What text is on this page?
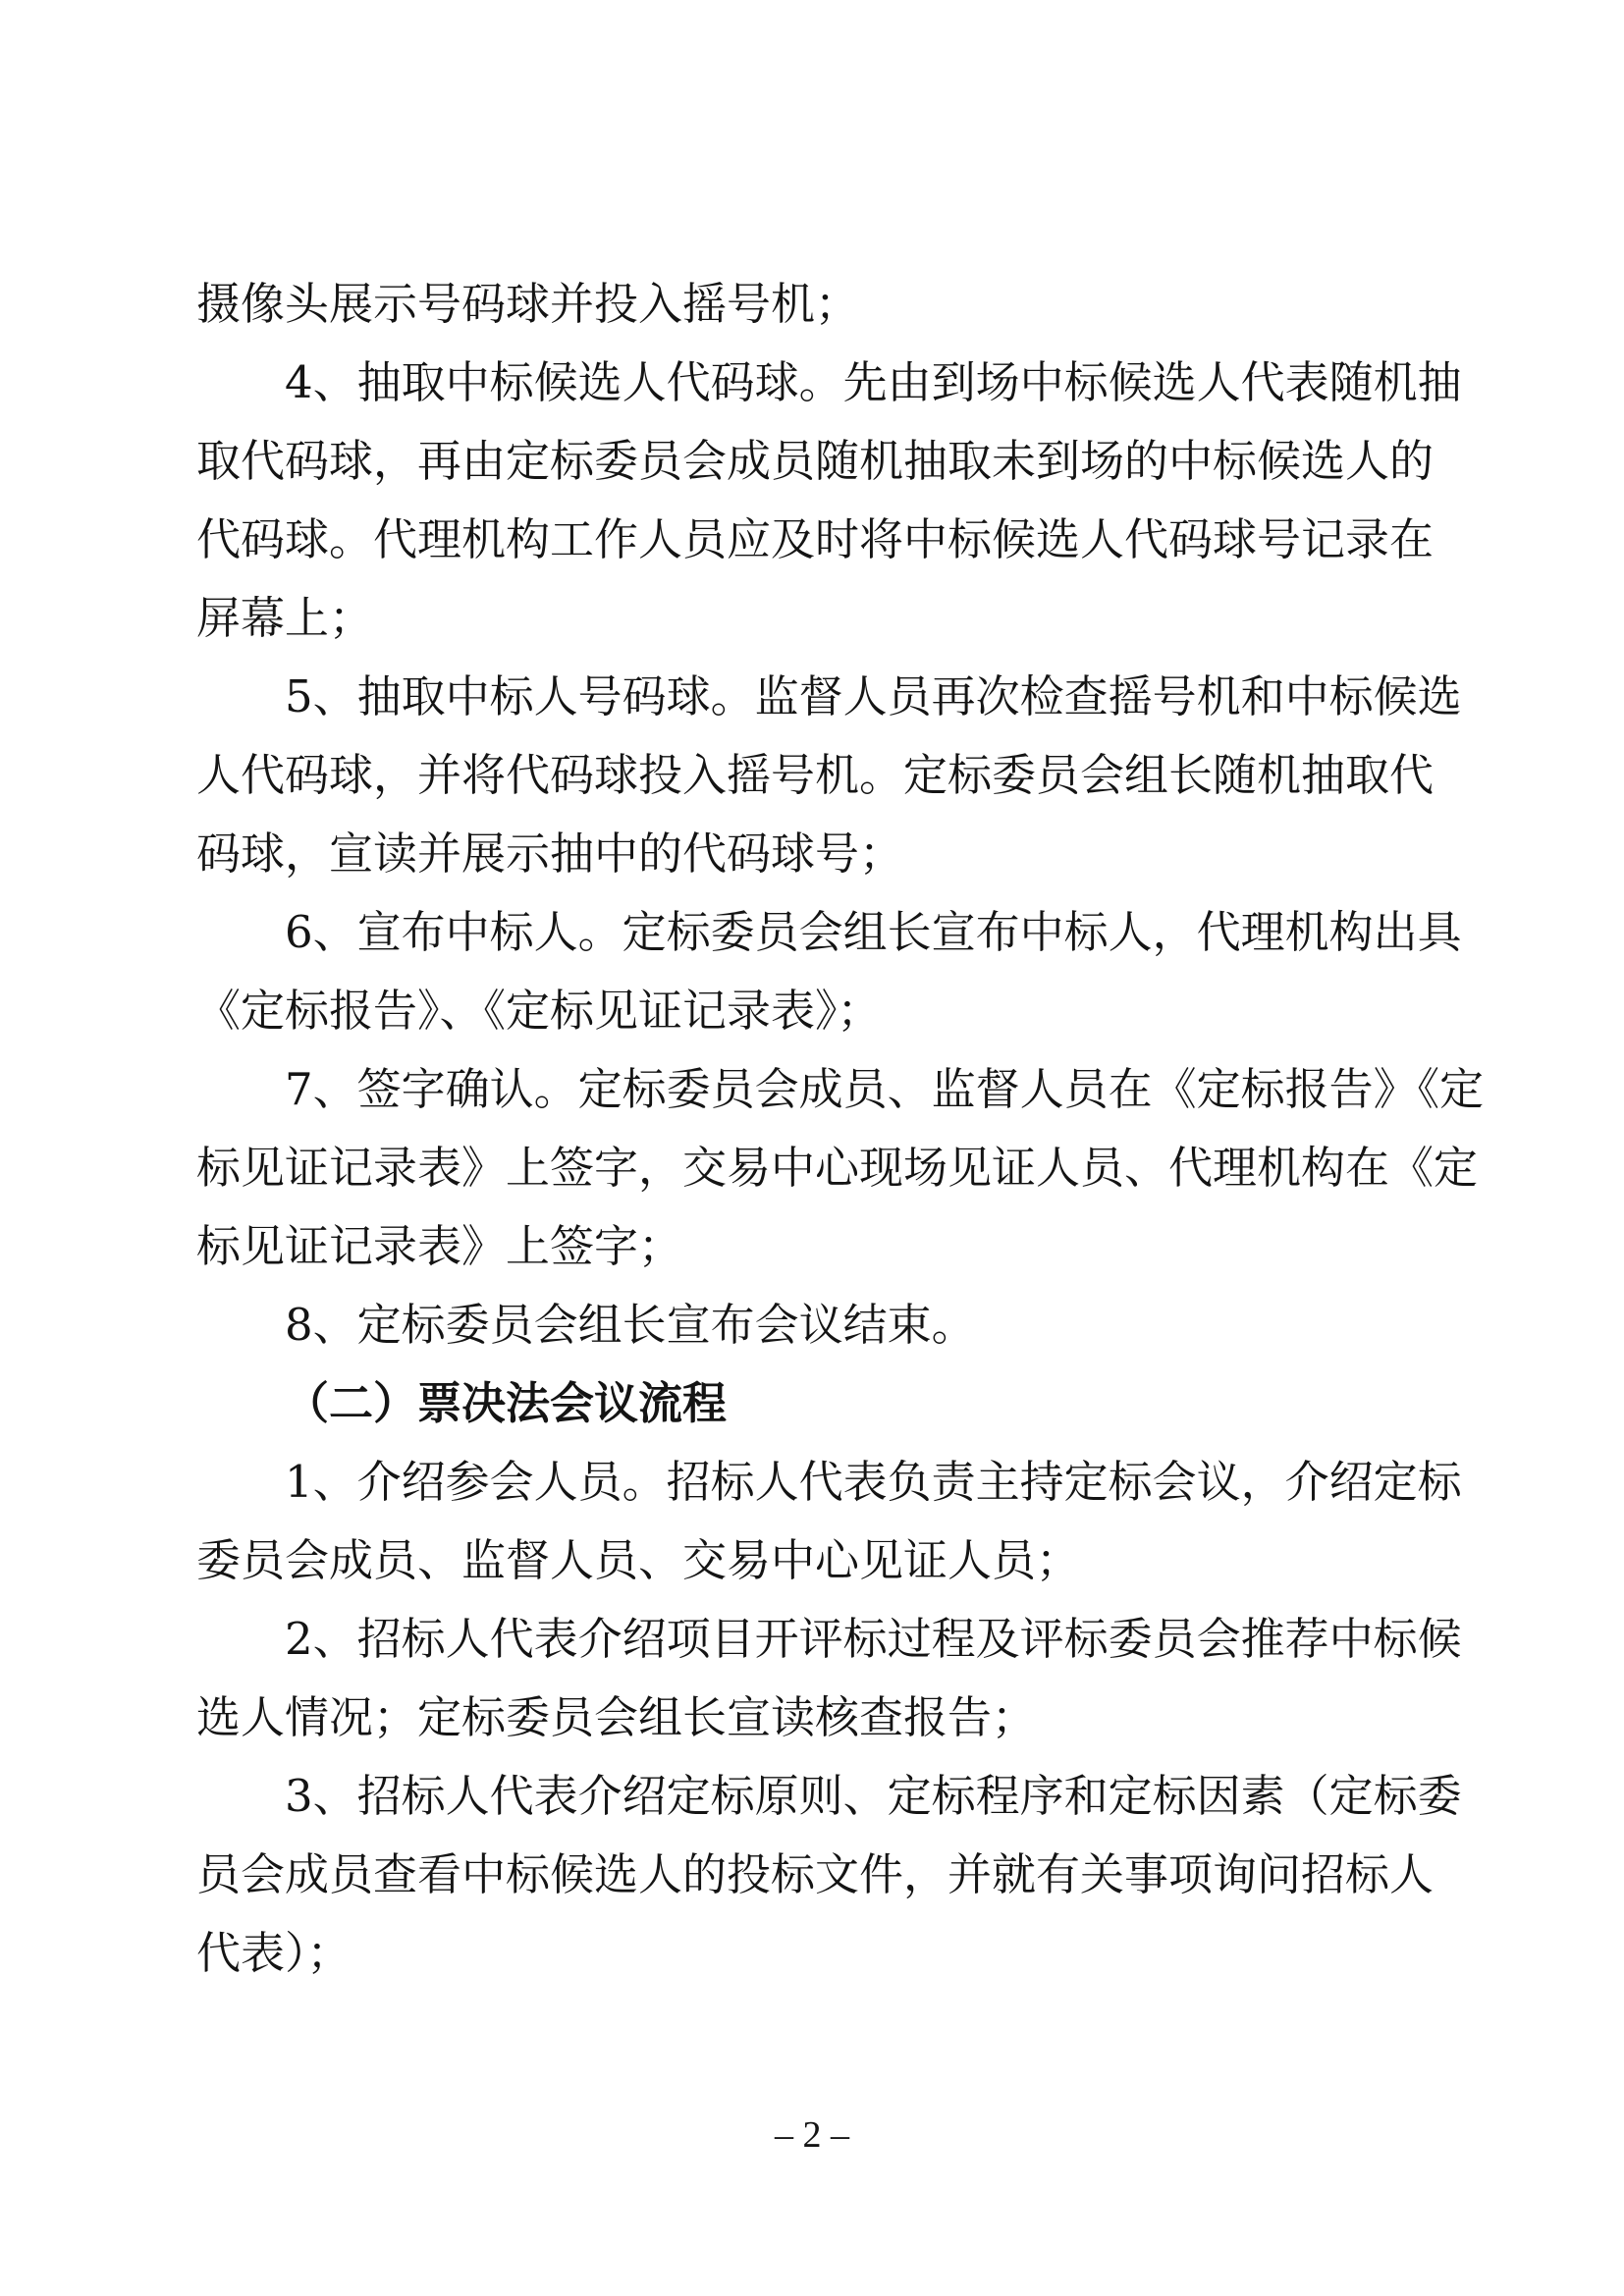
摄像头展示号码球并投入摇号机；
4、抽取中标候选人代码球。先由到场中标候选人代表随机抽
取代码球，再由定标委员会成员随机抽取未到场的中标候选人的
代码球。代理机构工作人员应及时将中标候选人代码球号记录在
屏幕上；
5、抽取中标人号码球。监督人员再次检查摇号机和中标候选
人代码球，并将代码球投入摇号机。定标委员会组长随机抽取代
码球，宣读并展示抽中的代码球号；
6、宣布中标人。定标委员会组长宣布中标人，代理机构出具
《定标报告》、《定标见证记录表》；
7、签字确认。定标委员会成员、监督人员在《定标报告》《定
标见证记录表》上签字，交易中心现场见证人员、代理机构在《定
标见证记录表》上签字；
8、定标委员会组长宣布会议结束。
（二）票决法会议流程
1、介绍参会人员。招标人代表负责主持定标会议，介绍定标
委员会成员、监督人员、交易中心见证人员；
2、招标人代表介绍项目开评标过程及评标委员会推荐中标候
选人情况；定标委员会组长宣读核查报告；
3、招标人代表介绍定标原则、定标程序和定标因素（定标委
员会成员查看中标候选人的投标文件，并就有关事项询问招标人
代表）；
– 2 –
